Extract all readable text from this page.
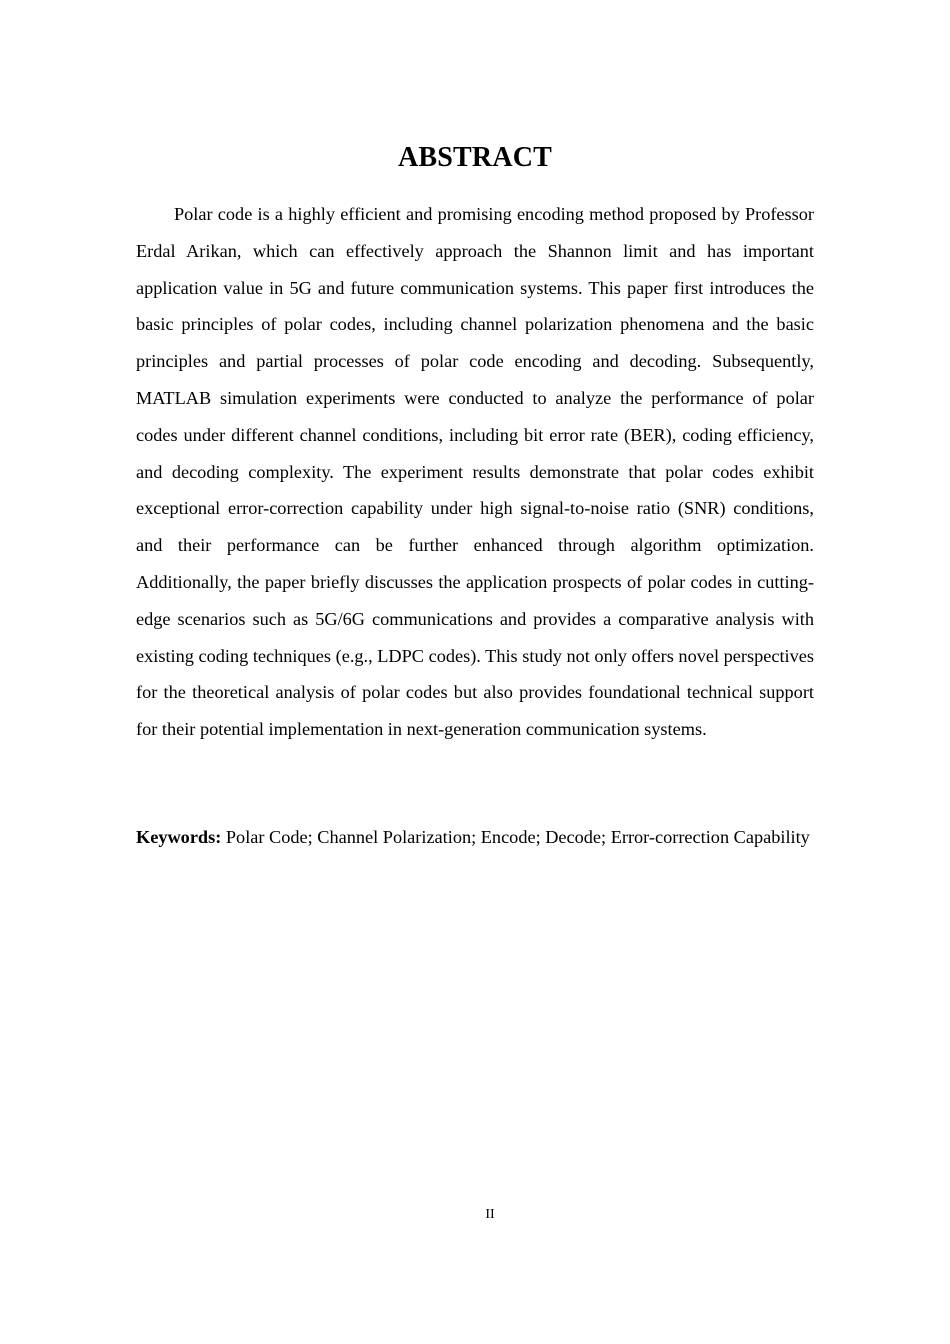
ABSTRACT

Polar code is a highly efficient and promising encoding method proposed by Professor Erdal Arikan, which can effectively approach the Shannon limit and has important application value in 5G and future communication systems. This paper first introduces the basic principles of polar codes, including channel polarization phenomena and the basic principles and partial processes of polar code encoding and decoding. Subsequently, MATLAB simulation experiments were conducted to analyze the performance of polar codes under different channel conditions, including bit error rate (BER), coding efficiency, and decoding complexity. The experiment results demonstrate that polar codes exhibit exceptional error-correction capability under high signal-to-noise ratio (SNR) conditions, and their performance can be further enhanced through algorithm optimization. Additionally, the paper briefly discusses the application prospects of polar codes in cutting-edge scenarios such as 5G/6G communications and provides a comparative analysis with existing coding techniques (e.g., LDPC codes). This study not only offers novel perspectives for the theoretical analysis of polar codes but also provides foundational technical support for their potential implementation in next-generation communication systems.

Keywords: Polar Code; Channel Polarization; Encode; Decode; Error-correction Capability

II
